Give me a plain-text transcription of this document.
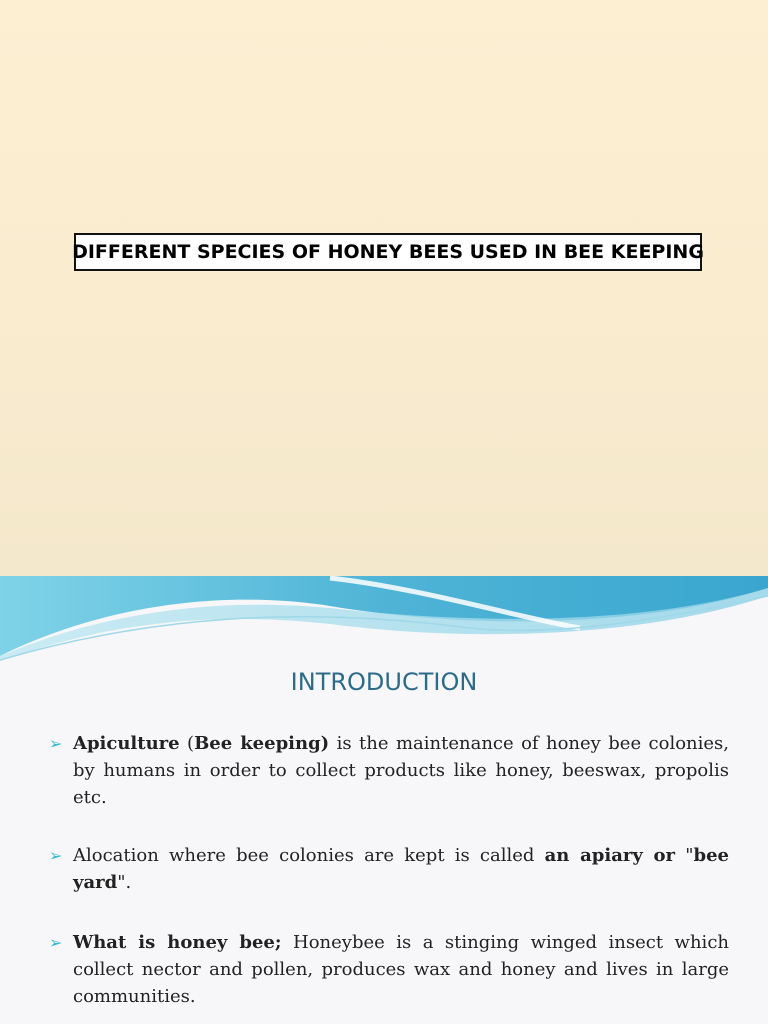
DIFFERENT SPECIES OF HONEY BEES USED IN BEE KEEPING
INTRODUCTION
➢ Apiculture (Bee keeping) is the maintenance of honey bee colonies, by humans in order to collect products like honey, beeswax, propolis etc.
➢ Alocation where bee colonies are kept is called an apiary or "bee yard".
➢ What is honey bee; Honeybee is a stinging winged insect which collect nector and pollen, produces wax and honey and lives in large communities.
